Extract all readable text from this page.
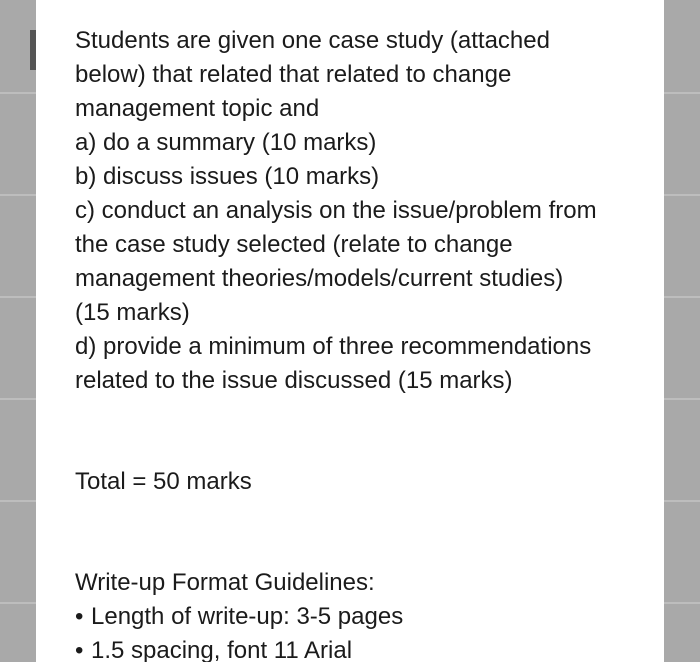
Students are given one case study (attached
below) that related that related to change
management topic and
a) do a summary (10 marks)
b) discuss issues (10 marks)
c) conduct an analysis on the issue/problem from
the case study selected (relate to change
management theories/models/current studies)
(15 marks)
d) provide a minimum of three recommendations
related to the issue discussed (15 marks)
Total = 50 marks
Write-up Format Guidelines:
• Length of write-up: 3-5 pages
• 1.5 spacing, font 11 Arial
